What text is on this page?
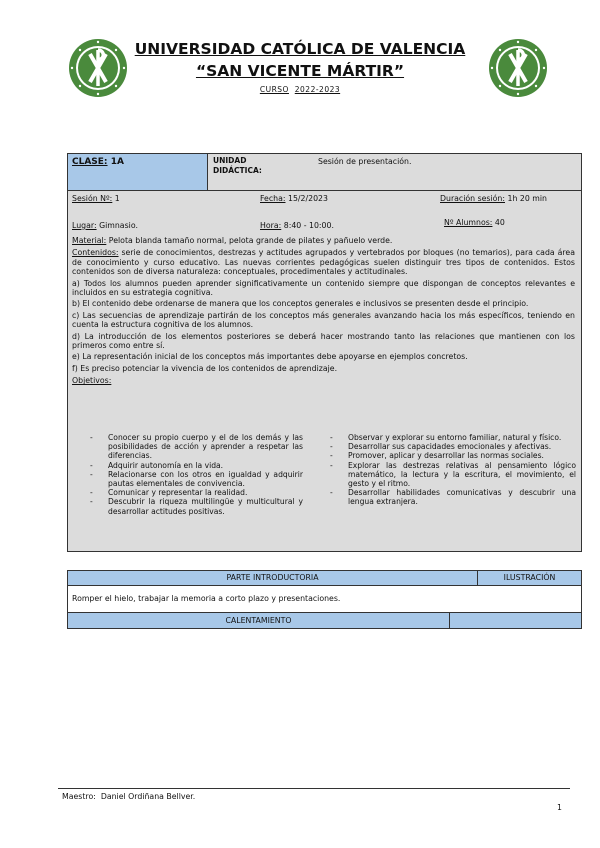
UNIVERSIDAD CATÓLICA DE VALENCIA
“SAN VICENTE MÁRTIR”
CURSO 2022-2023
CLASE: 1A	UNIDAD DIDÁCTICA:
Sesión de presentación.
Sesión Nº: 1	Fecha: 15/2/2023	Duración sesión: 1h 20 min
Lugar: Gimnasio.	Hora: 8:40 - 10:00.	Nº Alumnos: 40
Material: Pelota blanda tamaño normal, pelota grande de pilates y pañuelo verde.
Contenidos: serie de conocimientos, destrezas y actitudes agrupados y vertebrados por bloques (no temarios), para cada área de conocimiento y curso educativo. Las nuevas corrientes pedagógicas suelen distinguir tres tipos de contenidos. Estos contenidos son de diversa naturaleza: conceptuales, procedimentales y actitudinales.
a) Todos los alumnos pueden aprender significativamente un contenido siempre que dispongan de conceptos relevantes e incluidos en su estrategia cognitiva.
b) El contenido debe ordenarse de manera que los conceptos generales e inclusivos se presenten desde el principio.
c) Las secuencias de aprendizaje partirán de los conceptos más generales avanzando hacia los más específicos, teniendo en cuenta la estructura cognitiva de los alumnos.
d) La introducción de los elementos posteriores se deberá hacer mostrando tanto las relaciones que mantienen con los primeros como entre sí.
e) La representación inicial de los conceptos más importantes debe apoyarse en ejemplos concretos.
f) Es preciso potenciar la vivencia de los contenidos de aprendizaje.
Objetivos:
- Conocer su propio cuerpo y el de los demás y las posibilidades de acción y aprender a respetar las diferencias.
- Adquirir autonomía en la vida.
- Relacionarse con los otros en igualdad y adquirir pautas elementales de convivencia.
- Comunicar y representar la realidad.
- Descubrir la riqueza multilingüe y multicultural y desarrollar actitudes positivas.
- Observar y explorar su entorno familiar, natural y físico.
- Desarrollar sus capacidades emocionales y afectivas.
- Promover, aplicar y desarrollar las normas sociales.
- Explorar las destrezas relativas al pensamiento lógico matemático, la lectura y la escritura, el movimiento, el gesto y el ritmo.
- Desarrollar habilidades comunicativas y descubrir una lengua extranjera.
PARTE INTRODUCTORIA	ILUSTRACIÓN
Romper el hielo, trabajar la memoria a corto plazo y presentaciones.
CALENTAMIENTO
Maestro: Daniel Ordiñana Bellver.
1
